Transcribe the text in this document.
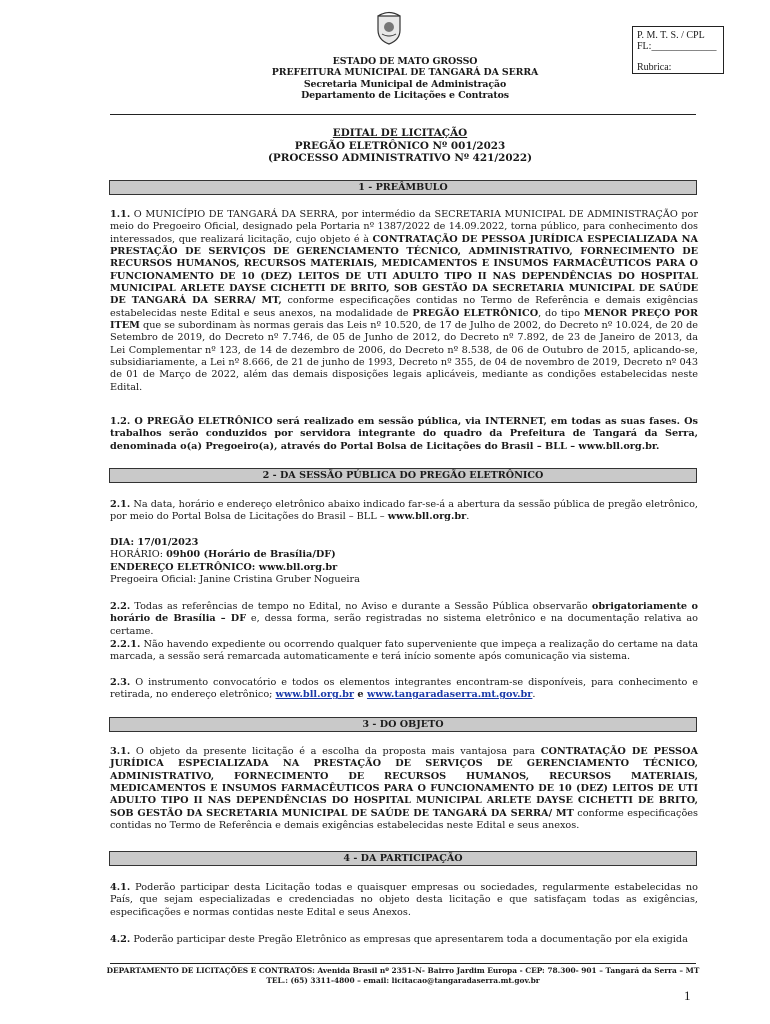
P. M. T. S. / CPL
FL:_____________
Rubrica:
ESTADO DE MATO GROSSO
PREFEITURA MUNICIPAL DE TANGARÁ DA SERRA
Secretaria Municipal de Administração
Departamento de Licitações e Contratos
EDITAL DE LICITAÇÃO
PREGÃO ELETRÔNICO Nº 001/2023
(PROCESSO ADMINISTRATIVO Nº 421/2022)
1 - PREÂMBULO
1.1. O MUNICÍPIO DE TANGARÁ DA SERRA, por intermédio da SECRETARIA MUNICIPAL DE ADMINISTRAÇÃO por meio do Pregoeiro Oficial, designado pela Portaria nº 1387/2022 de 14.09.2022, torna público, para conhecimento dos interessados, que realizará licitação, cujo objeto é à CONTRATAÇÃO DE PESSOA JURÍDICA ESPECIALIZADA NA PRESTAÇÃO DE SERVIÇOS DE GERENCIAMENTO TÉCNICO, ADMINISTRATIVO, FORNECIMENTO DE RECURSOS HUMANOS, RECURSOS MATERIAIS, MEDICAMENTOS E INSUMOS FARMACÊUTICOS PARA O FUNCIONAMENTO DE 10 (DEZ) LEITOS DE UTI ADULTO TIPO II NAS DEPENDÊNCIAS DO HOSPITAL MUNICIPAL ARLETE DAYSE CICHETTI DE BRITO, SOB GESTÃO DA SECRETARIA MUNICIPAL DE SAÚDE DE TANGARÁ DA SERRA/ MT, conforme especificações contidas no Termo de Referência e demais exigências estabelecidas neste Edital e seus anexos, na modalidade de PREGÃO ELETRÔNICO, do tipo MENOR PREÇO POR ITEM que se subordinam às normas gerais das Leis nº 10.520, de 17 de Julho de 2002, do Decreto nº 10.024, de 20 de Setembro de 2019, do Decreto nº 7.746, de 05 de Junho de 2012, do Decreto nº 7.892, de 23 de Janeiro de 2013, da Lei Complementar nº 123, de 14 de dezembro de 2006, do Decreto nº 8.538, de 06 de Outubro de 2015, aplicando-se, subsidiariamente, a Lei nº 8.666, de 21 de junho de 1993, Decreto nº 355, de 04 de novembro de 2019, Decreto nº 043 de 01 de Março de 2022, além das demais disposições legais aplicáveis, mediante as condições estabelecidas neste Edital.
1.2. O PREGÃO ELETRÔNICO será realizado em sessão pública, via INTERNET, em todas as suas fases. Os trabalhos serão conduzidos por servidora integrante do quadro da Prefeitura de Tangará da Serra, denominada o(a) Pregoeiro(a), através do Portal Bolsa de Licitações do Brasil – BLL – www.bll.org.br.
2 - DA SESSÃO PÚBLICA DO PREGÃO ELETRÔNICO
2.1. Na data, horário e endereço eletrônico abaixo indicado far-se-á a abertura da sessão pública de pregão eletrônico, por meio do Portal Bolsa de Licitações do Brasil – BLL – www.bll.org.br.
DIA: 17/01/2023
HORÁRIO: 09h00 (Horário de Brasília/DF)
ENDEREÇO ELETRÔNICO: www.bll.org.br
Pregoeira Oficial: Janine Cristina Gruber Nogueira
2.2. Todas as referências de tempo no Edital, no Aviso e durante a Sessão Pública observarão obrigatoriamente o horário de Brasília – DF e, dessa forma, serão registradas no sistema eletrônico e na documentação relativa ao certame.
2.2.1. Não havendo expediente ou ocorrendo qualquer fato superveniente que impeça a realização do certame na data marcada, a sessão será remarcada automaticamente e terá início somente após comunicação via sistema.
2.3. O instrumento convocatório e todos os elementos integrantes encontram-se disponíveis, para conhecimento e retirada, no endereço eletrônico; www.bll.org.br e www.tangaradaserra.mt.gov.br.
3 - DO OBJETO
3.1. O objeto da presente licitação é a escolha da proposta mais vantajosa para CONTRATAÇÃO DE PESSOA JURÍDICA ESPECIALIZADA NA PRESTAÇÃO DE SERVIÇOS DE GERENCIAMENTO TÉCNICO, ADMINISTRATIVO, FORNECIMENTO DE RECURSOS HUMANOS, RECURSOS MATERIAIS, MEDICAMENTOS E INSUMOS FARMACÊUTICOS PARA O FUNCIONAMENTO DE 10 (DEZ) LEITOS DE UTI ADULTO TIPO II NAS DEPENDÊNCIAS DO HOSPITAL MUNICIPAL ARLETE DAYSE CICHETTI DE BRITO, SOB GESTÃO DA SECRETARIA MUNICIPAL DE SAÚDE DE TANGARÁ DA SERRA/ MT conforme especificações contidas no Termo de Referência e demais exigências estabelecidas neste Edital e seus anexos.
4 - DA PARTICIPAÇÃO
4.1. Poderão participar desta Licitação todas e quaisquer empresas ou sociedades, regularmente estabelecidas no País, que sejam especializadas e credenciadas no objeto desta licitação e que satisfaçam todas as exigências, especificações e normas contidas neste Edital e seus Anexos.
4.2. Poderão participar deste Pregão Eletrônico as empresas que apresentarem toda a documentação por ela exigida
DEPARTAMENTO DE LICITAÇÕES E CONTRATOS: Avenida Brasil nº 2351-N- Bairro Jardim Europa - CEP: 78.300- 901 – Tangará da Serra – MT
TEL.: (65) 3311-4800 – email: licitacao@tangaradaserra.mt.gov.br
1
